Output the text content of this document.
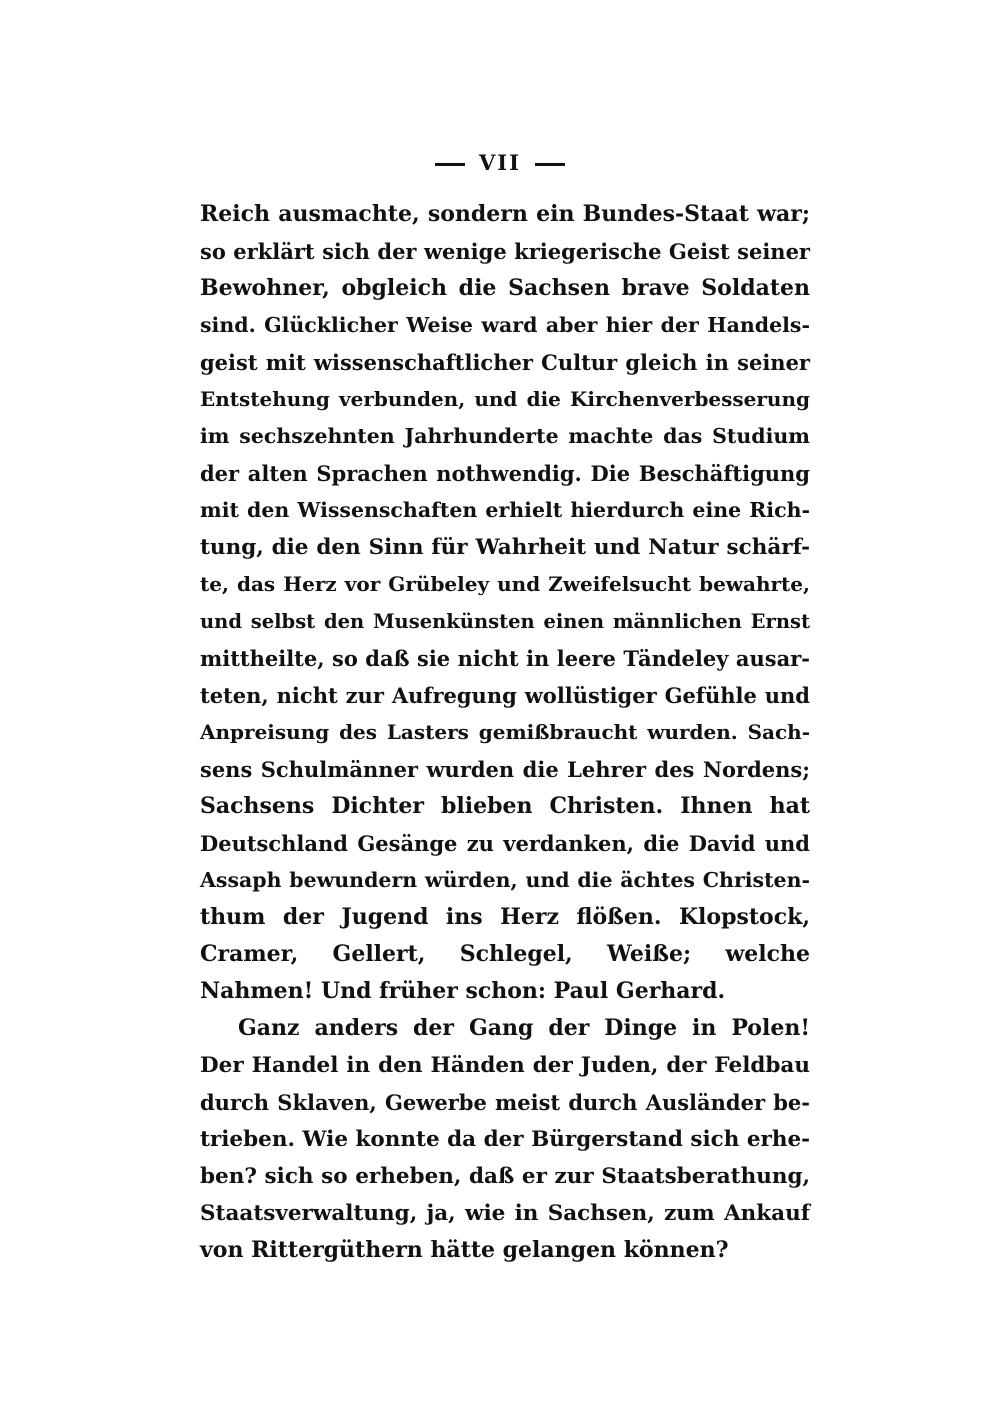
VII
Reich ausmachte, sondern ein Bundes-Staat war;
so erklärt sich der wenige kriegerische Geist seiner
Bewohner, obgleich die Sachsen brave Soldaten
sind. Glücklicher Weise ward aber hier der Handels-
geist mit wissenschaftlicher Cultur gleich in seiner
Entstehung verbunden, und die Kirchenverbesserung
im sechszehnten Jahrhunderte machte das Studium
der alten Sprachen nothwendig. Die Beschäftigung
mit den Wissenschaften erhielt hierdurch eine Rich-
tung, die den Sinn für Wahrheit und Natur schärf-
te, das Herz vor Grübeley und Zweifelsucht bewahrte,
und selbst den Musenkünsten einen männlichen Ernst
mittheilte, so daß sie nicht in leere Tändeley ausar-
teten, nicht zur Aufregung wollüstiger Gefühle und
Anpreisung des Lasters gemißbraucht wurden. Sach-
sens Schulmänner wurden die Lehrer des Nordens;
Sachsens Dichter blieben Christen. Ihnen hat
Deutschland Gesänge zu verdanken, die David und
Assaph bewundern würden, und die ächtes Christen-
thum der Jugend ins Herz flößen. Klopstock,
Cramer, Gellert, Schlegel, Weiße; welche
Nahmen! Und früher schon: Paul Gerhard.
Ganz anders der Gang der Dinge in Polen!
Der Handel in den Händen der Juden, der Feldbau
durch Sklaven, Gewerbe meist durch Ausländer be-
trieben. Wie konnte da der Bürgerstand sich erhe-
ben? sich so erheben, daß er zur Staatsberathung,
Staatsverwaltung, ja, wie in Sachsen, zum Ankauf
von Rittergüthern hätte gelangen können?
